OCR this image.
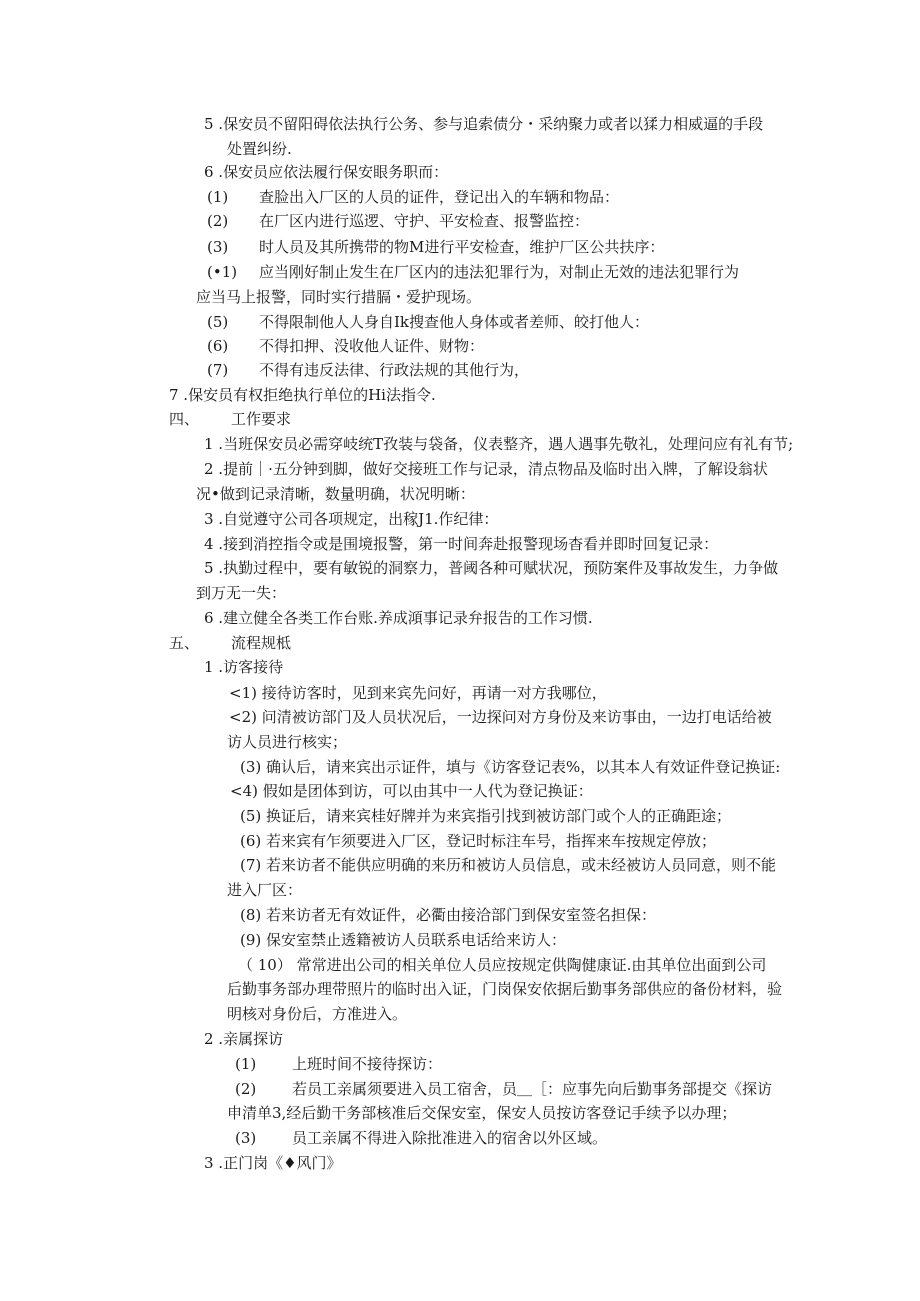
5 .保安员不留阳碍依法执行公务、参与追索债分・采纳聚力或者以猱力相威逼的手段
处置纠纷.
6 .保安员应依法履行保安眼务职而：
(1) 查脸出入厂区的人员的证件，登记出入的车辆和物品：
(2) 在厂区内进行巡逻、守护、平安检查、报警监控：
(3) 时人员及其所携带的物M进行平安检查，维护厂区公共扶序：
(•1) 应当刚好制止发生在厂区内的违法犯罪行为，对制止无效的违法犯罪行为
应当马上报警，同时实行措膈・爱护现场。
(5) 不得限制他人人身自Ik搜查他人身体或者差师、皎打他人：
(6) 不得扣押、没收他人证件、财物：
(7) 不得有违反法律、行政法规的其他行为，
7 .保安员有权拒绝执行单位的Hi法指令.
四、 工作要求
1 .当班保安员必需穿岐统T孜装与袋备，仪表整齐，遇人遇事先敬礼，处理问应有礼有节;
2 .提前｜·五分钟到脚，做好交接班工作与记录，清点物品及临时出入牌，了解设翁状
况•做到记录清晰，数量明确，状况明晰：
3 .自觉遵守公司各项规定，出稼J1.作纪律：
4 .接到消控指令或是围境报警，第一时间奔赴报警现场杳看并即时回复记录：
5 .执勤过程中，要有敏锐的洞察力，普阈各种可赋状况，预防案件及事故发生，力争做
到万无一失：
6 .建立健全各类工作台账.养成澒事记录弁报告的工作习惯.
五、 流程规柢
1 .访客接待
<1) 接待访客时，见到来宾先问好，再请一对方我哪位，
<2) 问清被访部门及人员状况后，一边探问对方身份及来访事由，一边打电话给被
访人员进行核实；
(3) 确认后，请来宾出示证件，填与《访客登记表%，以其本人有效证件登记换证:
<4) 假如是团体到访，可以由其中一人代为登记换证：
(5) 换证后，请来宾桂好牌并为来宾指引找到被访部门或个人的正确距途；
(6) 若来宾有乍须要进入厂区，登记时标注车号，指挥来车按规定停放；
(7) 若来访者不能供应明确的来历和被访人员信息，或未经被访人员同意，则不能
进入厂区：
(8) 若来访者无有效证件，必衢由接洽部门到保安室签名担保：
(9) 保安室禁止透籍被访人员联系电话给来访人：
（ 10） 常常进出公司的相关单位人员应按规定供陶健康证.由其单位出面到公司
后勤事务部办理带照片的临时出入证，门岗保安依据后勤事务部供应的备份材料，验
明核对身份后，方准进入。
2 .亲属探访
(1) 上班时间不接待探访：
(2) 若员工亲属须要进入员工宿舍，员＿［：应事先向后勤事务部提交《探访
申清单3,经后勤干务部核准后交保安室，保安人员按访客登记手续予以办理；
(3) 员工亲属不得进入除批准进入的宿舍以外区域。
3 .正门岗《♦风门》
